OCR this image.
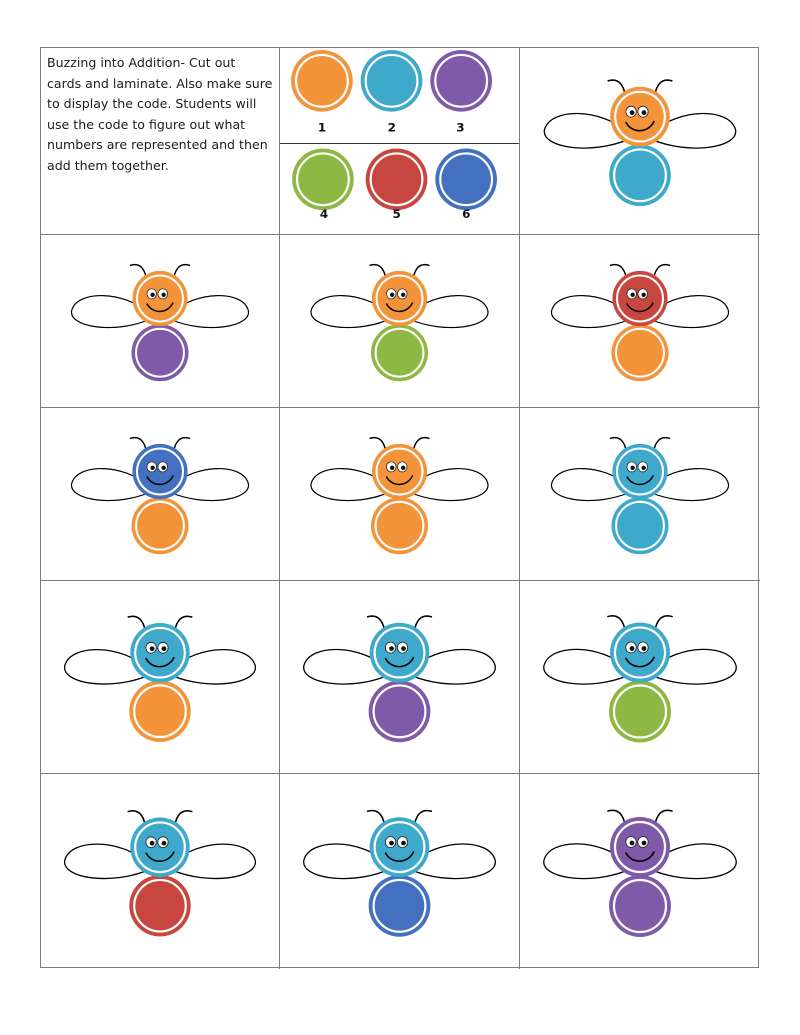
Buzzing into Addition- Cut out cards and laminate. Also make sure to display the code. Students will use the code to figure out what numbers are represented and then add them together.

1	2	3
4	5	6
